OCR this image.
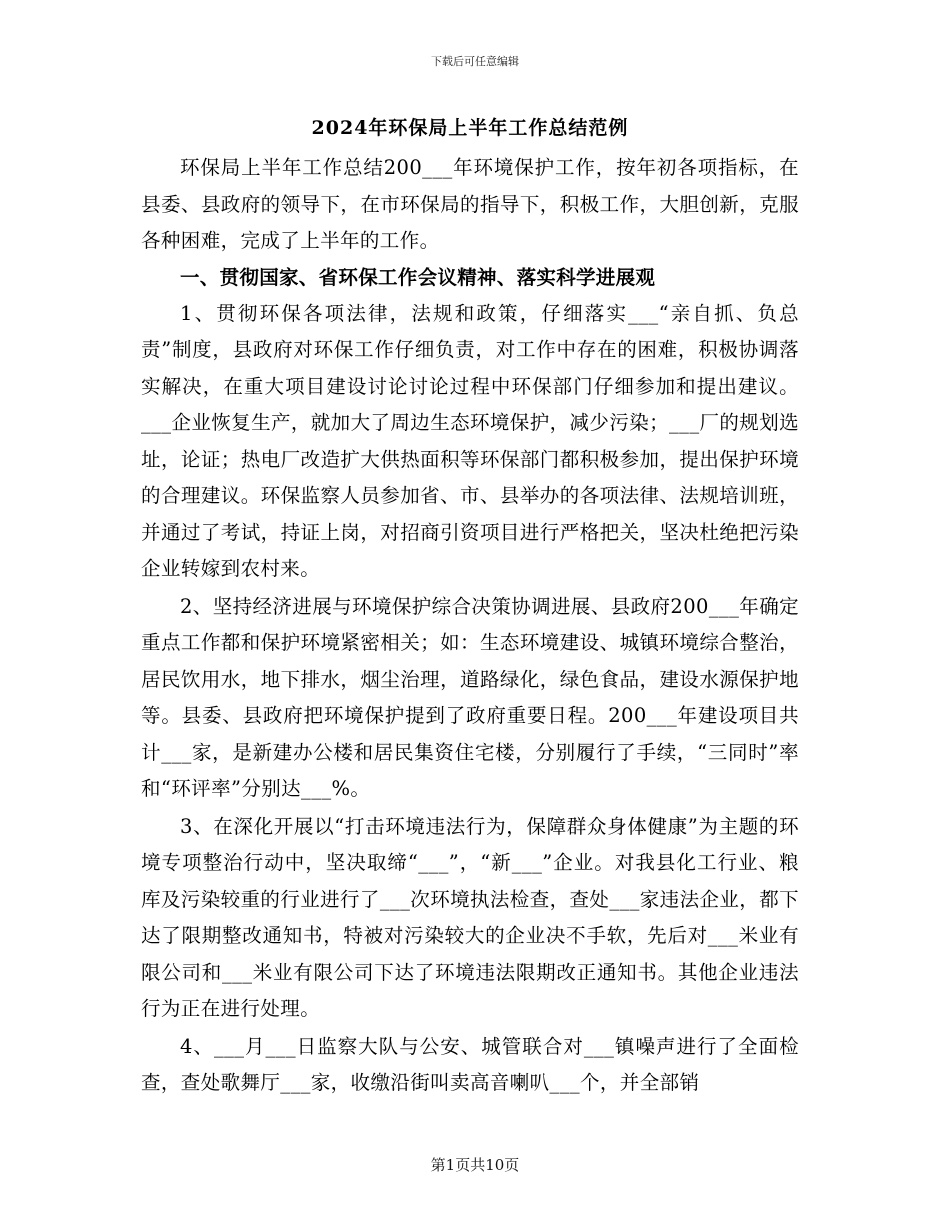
下载后可任意编辑
2024年环保局上半年工作总结范例

环保局上半年工作总结200___年环境保护工作，按年初各项指标，在县委、县政府的领导下，在市环保局的指导下，积极工作，大胆创新，克服各种困难，完成了上半年的工作。

一、贯彻国家、省环保工作会议精神、落实科学进展观

1、贯彻环保各项法律，法规和政策，仔细落实___“亲自抓、负总责”制度，县政府对环保工作仔细负责，对工作中存在的困难，积极协调落实解决，在重大项目建设讨论讨论过程中环保部门仔细参加和提出建议。___企业恢复生产，就加大了周边生态环境保护，减少污染；___厂的规划选址，论证；热电厂改造扩大供热面积等环保部门都积极参加，提出保护环境的合理建议。环保监察人员参加省、市、县举办的各项法律、法规培训班，并通过了考试，持证上岗，对招商引资项目进行严格把关，坚决杜绝把污染企业转嫁到农村来。

2、坚持经济进展与环境保护综合决策协调进展、县政府200___年确定重点工作都和保护环境紧密相关；如：生态环境建设、城镇环境综合整治，居民饮用水，地下排水，烟尘治理，道路绿化，绿色食品，建设水源保护地等。县委、县政府把环境保护提到了政府重要日程。200___年建设项目共计___家，是新建办公楼和居民集资住宅楼，分别履行了手续，“三同时”率和“环评率”分别达___%。

3、在深化开展以“打击环境违法行为，保障群众身体健康”为主题的环境专项整治行动中，坚决取缔“___”，“新___”企业。对我县化工行业、粮库及污染较重的行业进行了___次环境执法检查，查处___家违法企业，都下达了限期整改通知书，特被对污染较大的企业决不手软，先后对___米业有限公司和___米业有限公司下达了环境违法限期改正通知书。其他企业违法行为正在进行处理。

4、___月___日监察大队与公安、城管联合对___镇噪声进行了全面检查，查处歌舞厅___家，收缴沿街叫卖高音喇叭___个，并全部销

第1页共10页
